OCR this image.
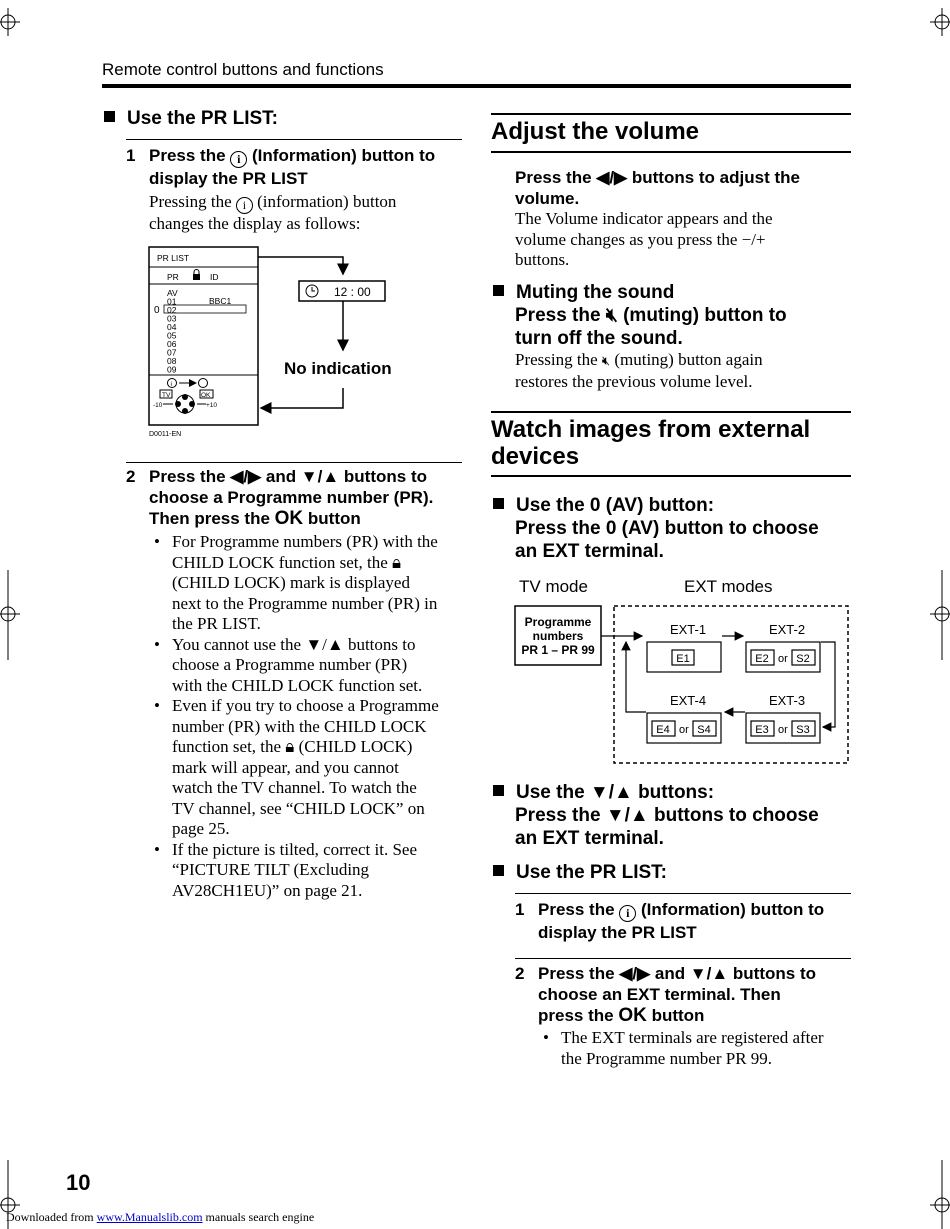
Remote control buttons and functions
Use the PR LIST:
1 Press the i (Information) button to
display the PR LIST
Pressing the i (information) button
changes the display as follows:
PR LIST
PR	ID
AV
01
02
03
04
05
06
07
08
09
BBC1
0
i
TV	OK
-10	+10
D0011-EN
12 : 00
No indication
2 Press the ◀/▶ and ▼/▲ buttons to
choose a Programme number (PR).
Then press the OK button
• For Programme numbers (PR) with the
CHILD LOCK function set, the 🔒︎
(CHILD LOCK) mark is displayed
next to the Programme number (PR) in
the PR LIST.
• You cannot use the ▼/▲ buttons to
choose a Programme number (PR)
with the CHILD LOCK function set.
• Even if you try to choose a Programme
number (PR) with the CHILD LOCK
function set, the 🔒︎ (CHILD LOCK)
mark will appear, and you cannot
watch the TV channel. To watch the
TV channel, see “CHILD LOCK” on
page 25.
• If the picture is tilted, correct it. See
“PICTURE TILT (Excluding
AV28CH1EU)” on page 21.
Adjust the volume
Press the ◀/▶ buttons to adjust the
volume.
The Volume indicator appears and the
volume changes as you press the −/+
buttons.
Muting the sound
Press the 🔇︎ (muting) button to
turn off the sound.
Pressing the 🔇︎ (muting) button again
restores the previous volume level.
Watch images from external
devices
Use the 0 (AV) button:
Press the 0 (AV) button to choose
an EXT terminal.
TV mode	EXT modes
Programme
numbers
PR 1 – PR 99
EXT-1
E1
EXT-2
E2 or S2
EXT-3
E3 or S3
EXT-4
E4 or S4
Use the ▼/▲ buttons:
Press the ▼/▲ buttons to choose
an EXT terminal.
Use the PR LIST:
1 Press the i (Information) button to
display the PR LIST
2 Press the ◀/▶ and ▼/▲ buttons to
choose an EXT terminal. Then
press the OK button
• The EXT terminals are registered after
the Programme number PR 99.
10
Downloaded from www.Manualslib.com manuals search engine
